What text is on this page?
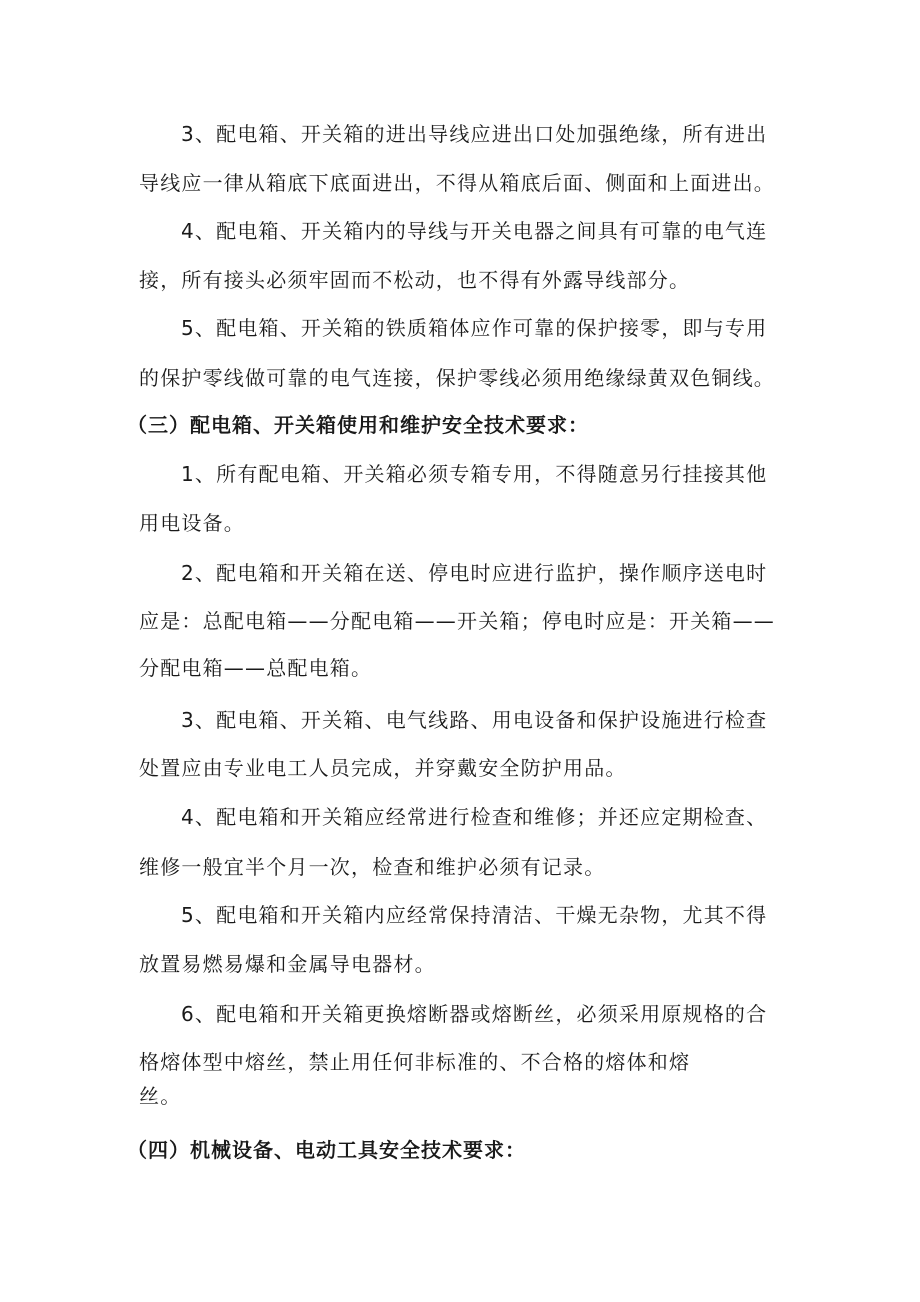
3、配电箱、开关箱的进出导线应进出口处加强绝缘，所有进出
导线应一律从箱底下底面进出，不得从箱底后面、侧面和上面进出。
4、配电箱、开关箱内的导线与开关电器之间具有可靠的电气连
接，所有接头必须牢固而不松动，也不得有外露导线部分。
5、配电箱、开关箱的铁质箱体应作可靠的保护接零，即与专用
的保护零线做可靠的电气连接，保护零线必须用绝缘绿黄双色铜线。
（三）配电箱、开关箱使用和维护安全技术要求：
1、所有配电箱、开关箱必须专箱专用，不得随意另行挂接其他
用电设备。
2、配电箱和开关箱在送、停电时应进行监护，操作顺序送电时
应是：总配电箱——分配电箱——开关箱；停电时应是：开关箱——
分配电箱——总配电箱。
3、配电箱、开关箱、电气线路、用电设备和保护设施进行检查
处置应由专业电工人员完成，并穿戴安全防护用品。
4、配电箱和开关箱应经常进行检查和维修；并还应定期检查、
维修一般宜半个月一次，检查和维护必须有记录。
5、配电箱和开关箱内应经常保持清洁、干燥无杂物，尤其不得
放置易燃易爆和金属导电器材。
6、配电箱和开关箱更换熔断器或熔断丝，必须采用原规格的合
格熔体型中熔丝，禁止用任何非标准的、不合格的熔体和熔
丝。
（四）机械设备、电动工具安全技术要求：
